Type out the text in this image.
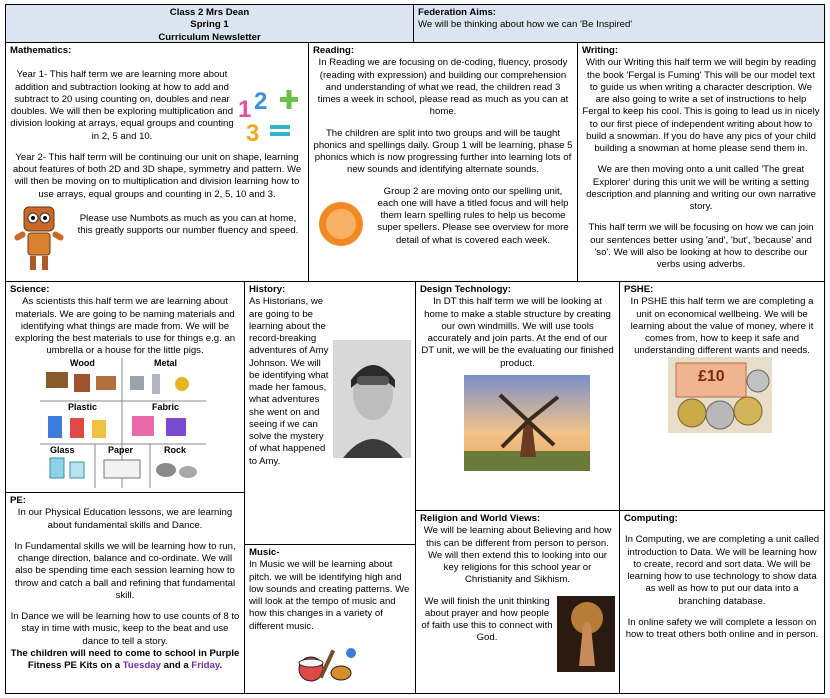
Class 2 Mrs Dean

Spring 1

Curriculum Newsletter

Federation Aims:

We will be thinking about how we can 'Be Inspired'

Mathematics:

1 2
3

Year 1- This half term we are learning more about addition and subtraction looking at how to add and subtract to 20 using counting on, doubles and near doubles. We will then be exploring multiplication and division looking at arrays, equal groups and counting in 2, 5 and 10.

Year 2- This half term will be continuing our unit on shape, learning about features of both 2D and 3D shape, symmetry and pattern. We will then be moving on to multiplication and division learning how to use arrays, equal groups and counting in 2, 5, 10 and 3.

Please use Numbots as much as you can at home, this greatly supports our number fluency and speed.

Reading:

In Reading we are focusing on de-coding, fluency, prosody (reading with expression) and building our comprehension and understanding of what we read, the children read 3 times a week in school, please read as much as you can at home.

The children are split into two groups and will be taught phonics and spellings daily. Group 1 will be learning, phase 5 phonics which is now progressing further into learning lots of new sounds and identifying alternate sounds.

Group 2 are moving onto our spelling unit, each one will have a titled focus and will help them learn spelling rules to help us become super spellers. Please see overview for more detail of what is covered each week.

Writing:

With our Writing this half term we will begin by reading the book 'Fergal is Fuming' This will be our model text to guide us when writing a character description. We are also going to write a set of instructions to help Fergal to keep his cool. This is going to lead us in nicely to our first piece of independent writing about how to build a snowman. If you do have any pics of your child building a snowman at home please send them in.

We are then moving onto a unit called 'The great Explorer' during this unit we will be writing a setting description and planning and writing our own narrative story.

This half term we will be focusing on how we can join our sentences better using 'and', 'but', 'because' and 'so'. We will also be looking at how to describe our verbs using adverbs.

Science:

As scientists this half term we are learning about materials. We are going to be naming materials and identifying what things are made from. We will be exploring the best materials to use for things e.g. an umbrella or a house for the little pigs.

Wood	Metal
Plastic	Fabric
Glass	Paper	Rock

History:

As Historians, we are going to be learning about the record-breaking adventures of Amy Johnson. We will be identifying what made her famous, what adventures she went on and seeing if we can solve the mystery of what happened to Amy.

Design Technology:

In DT this half term we will be looking at home to make a stable structure by creating our own windmills. We will use tools accurately and join parts. At the end of our DT unit, we will be the evaluating our finished product.

PSHE:

In PSHE this half term we are completing a unit on economical wellbeing. We will be learning about the value of money, where it comes from, how to keep it safe and understanding different wants and needs.

£10

PE:

In our Physical Education lessons, we are learning about fundamental skills and Dance.

In Fundamental skills we will be learning how to run, change direction, balance and co-ordinate. We will also be spending time each session learning how to throw and catch a ball and refining that fundamental skill.

In Dance we will be learning how to use counts of 8 to stay in time with music, keep to the beat and use dance to tell a story.

The children will need to come to school in Purple Fitness PE Kits on a Tuesday and a Friday.

Music-

In Music we will be learning about pitch. we will be identifying high and low sounds and creating patterns. We will look at the tempo of music and how this changes in a variety of different music.

Religion and World Views:

We will be learning about Believing and how this can be different from person to person. We will then extend this to looking into our key religions for this school year or Christianity and Sikhism.

We will finish the unit thinking about prayer and how people of faith use this to connect with God.

Computing:

In Computing, we are completing a unit called introduction to Data. We will be learning how to create, record and sort data. We will be learning how to use technology to show data as well as how to put our data into a branching database.

In online safety we will complete a lesson on how to treat others both online and in person.
